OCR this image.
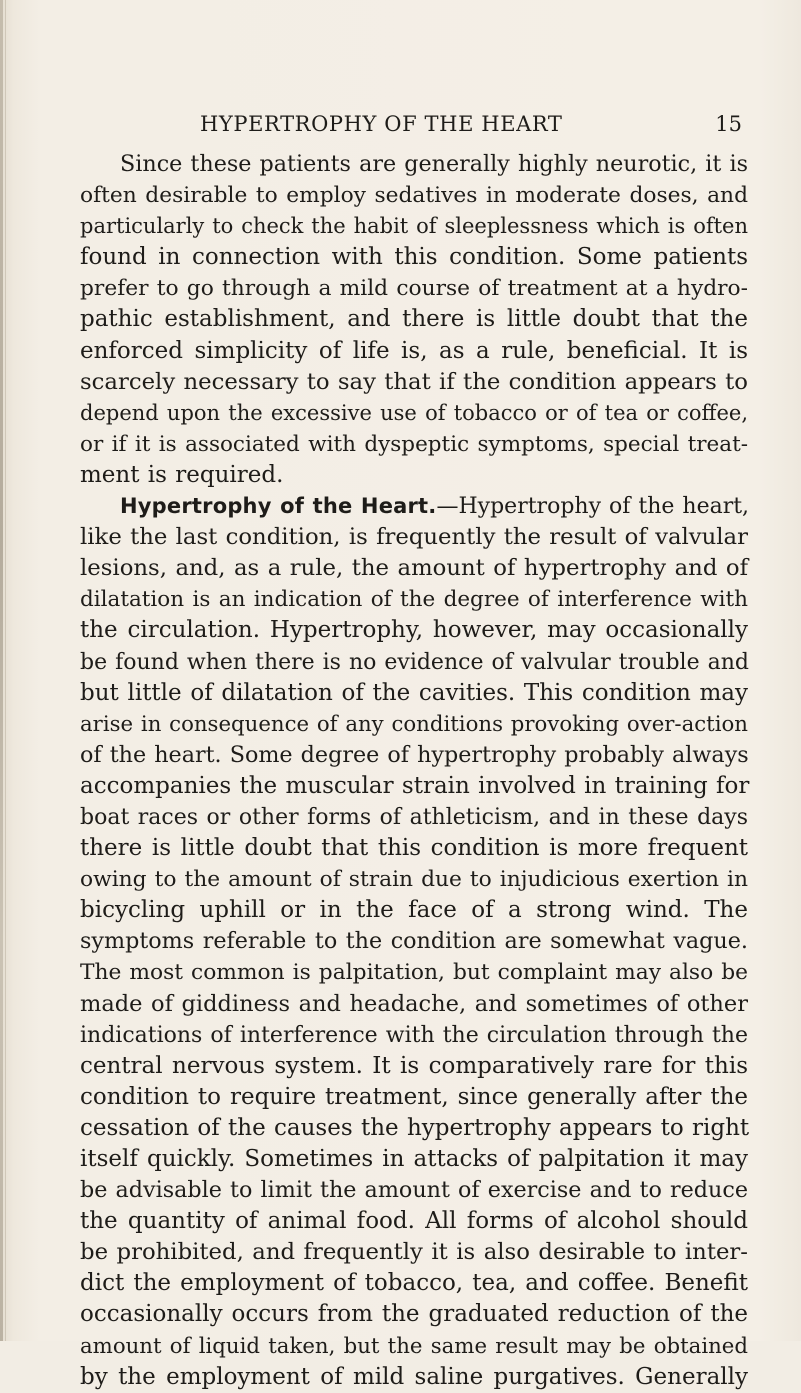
HYPERTROPHY OF THE HEART	15
Since these patients are generally highly neurotic, it is
often desirable to employ sedatives in moderate doses, and
particularly to check the habit of sleeplessness which is often
found in connection with this condition. Some patients
prefer to go through a mild course of treatment at a hydro-
pathic establishment, and there is little doubt that the
enforced simplicity of life is, as a rule, beneficial. It is
scarcely necessary to say that if the condition appears to
depend upon the excessive use of tobacco or of tea or coffee,
or if it is associated with dyspeptic symptoms, special treat-
ment is required.
Hypertrophy of the Heart.—Hypertrophy of the heart,
like the last condition, is frequently the result of valvular
lesions, and, as a rule, the amount of hypertrophy and of
dilatation is an indication of the degree of interference with
the circulation. Hypertrophy, however, may occasionally
be found when there is no evidence of valvular trouble and
but little of dilatation of the cavities. This condition may
arise in consequence of any conditions provoking over-action
of the heart. Some degree of hypertrophy probably always
accompanies the muscular strain involved in training for
boat races or other forms of athleticism, and in these days
there is little doubt that this condition is more frequent
owing to the amount of strain due to injudicious exertion in
bicycling uphill or in the face of a strong wind. The
symptoms referable to the condition are somewhat vague.
The most common is palpitation, but complaint may also be
made of giddiness and headache, and sometimes of other
indications of interference with the circulation through the
central nervous system. It is comparatively rare for this
condition to require treatment, since generally after the
cessation of the causes the hypertrophy appears to right
itself quickly. Sometimes in attacks of palpitation it may
be advisable to limit the amount of exercise and to reduce
the quantity of animal food. All forms of alcohol should
be prohibited, and frequently it is also desirable to inter-
dict the employment of tobacco, tea, and coffee. Benefit
occasionally occurs from the graduated reduction of the
amount of liquid taken, but the same result may be obtained
by the employment of mild saline purgatives. Generally
